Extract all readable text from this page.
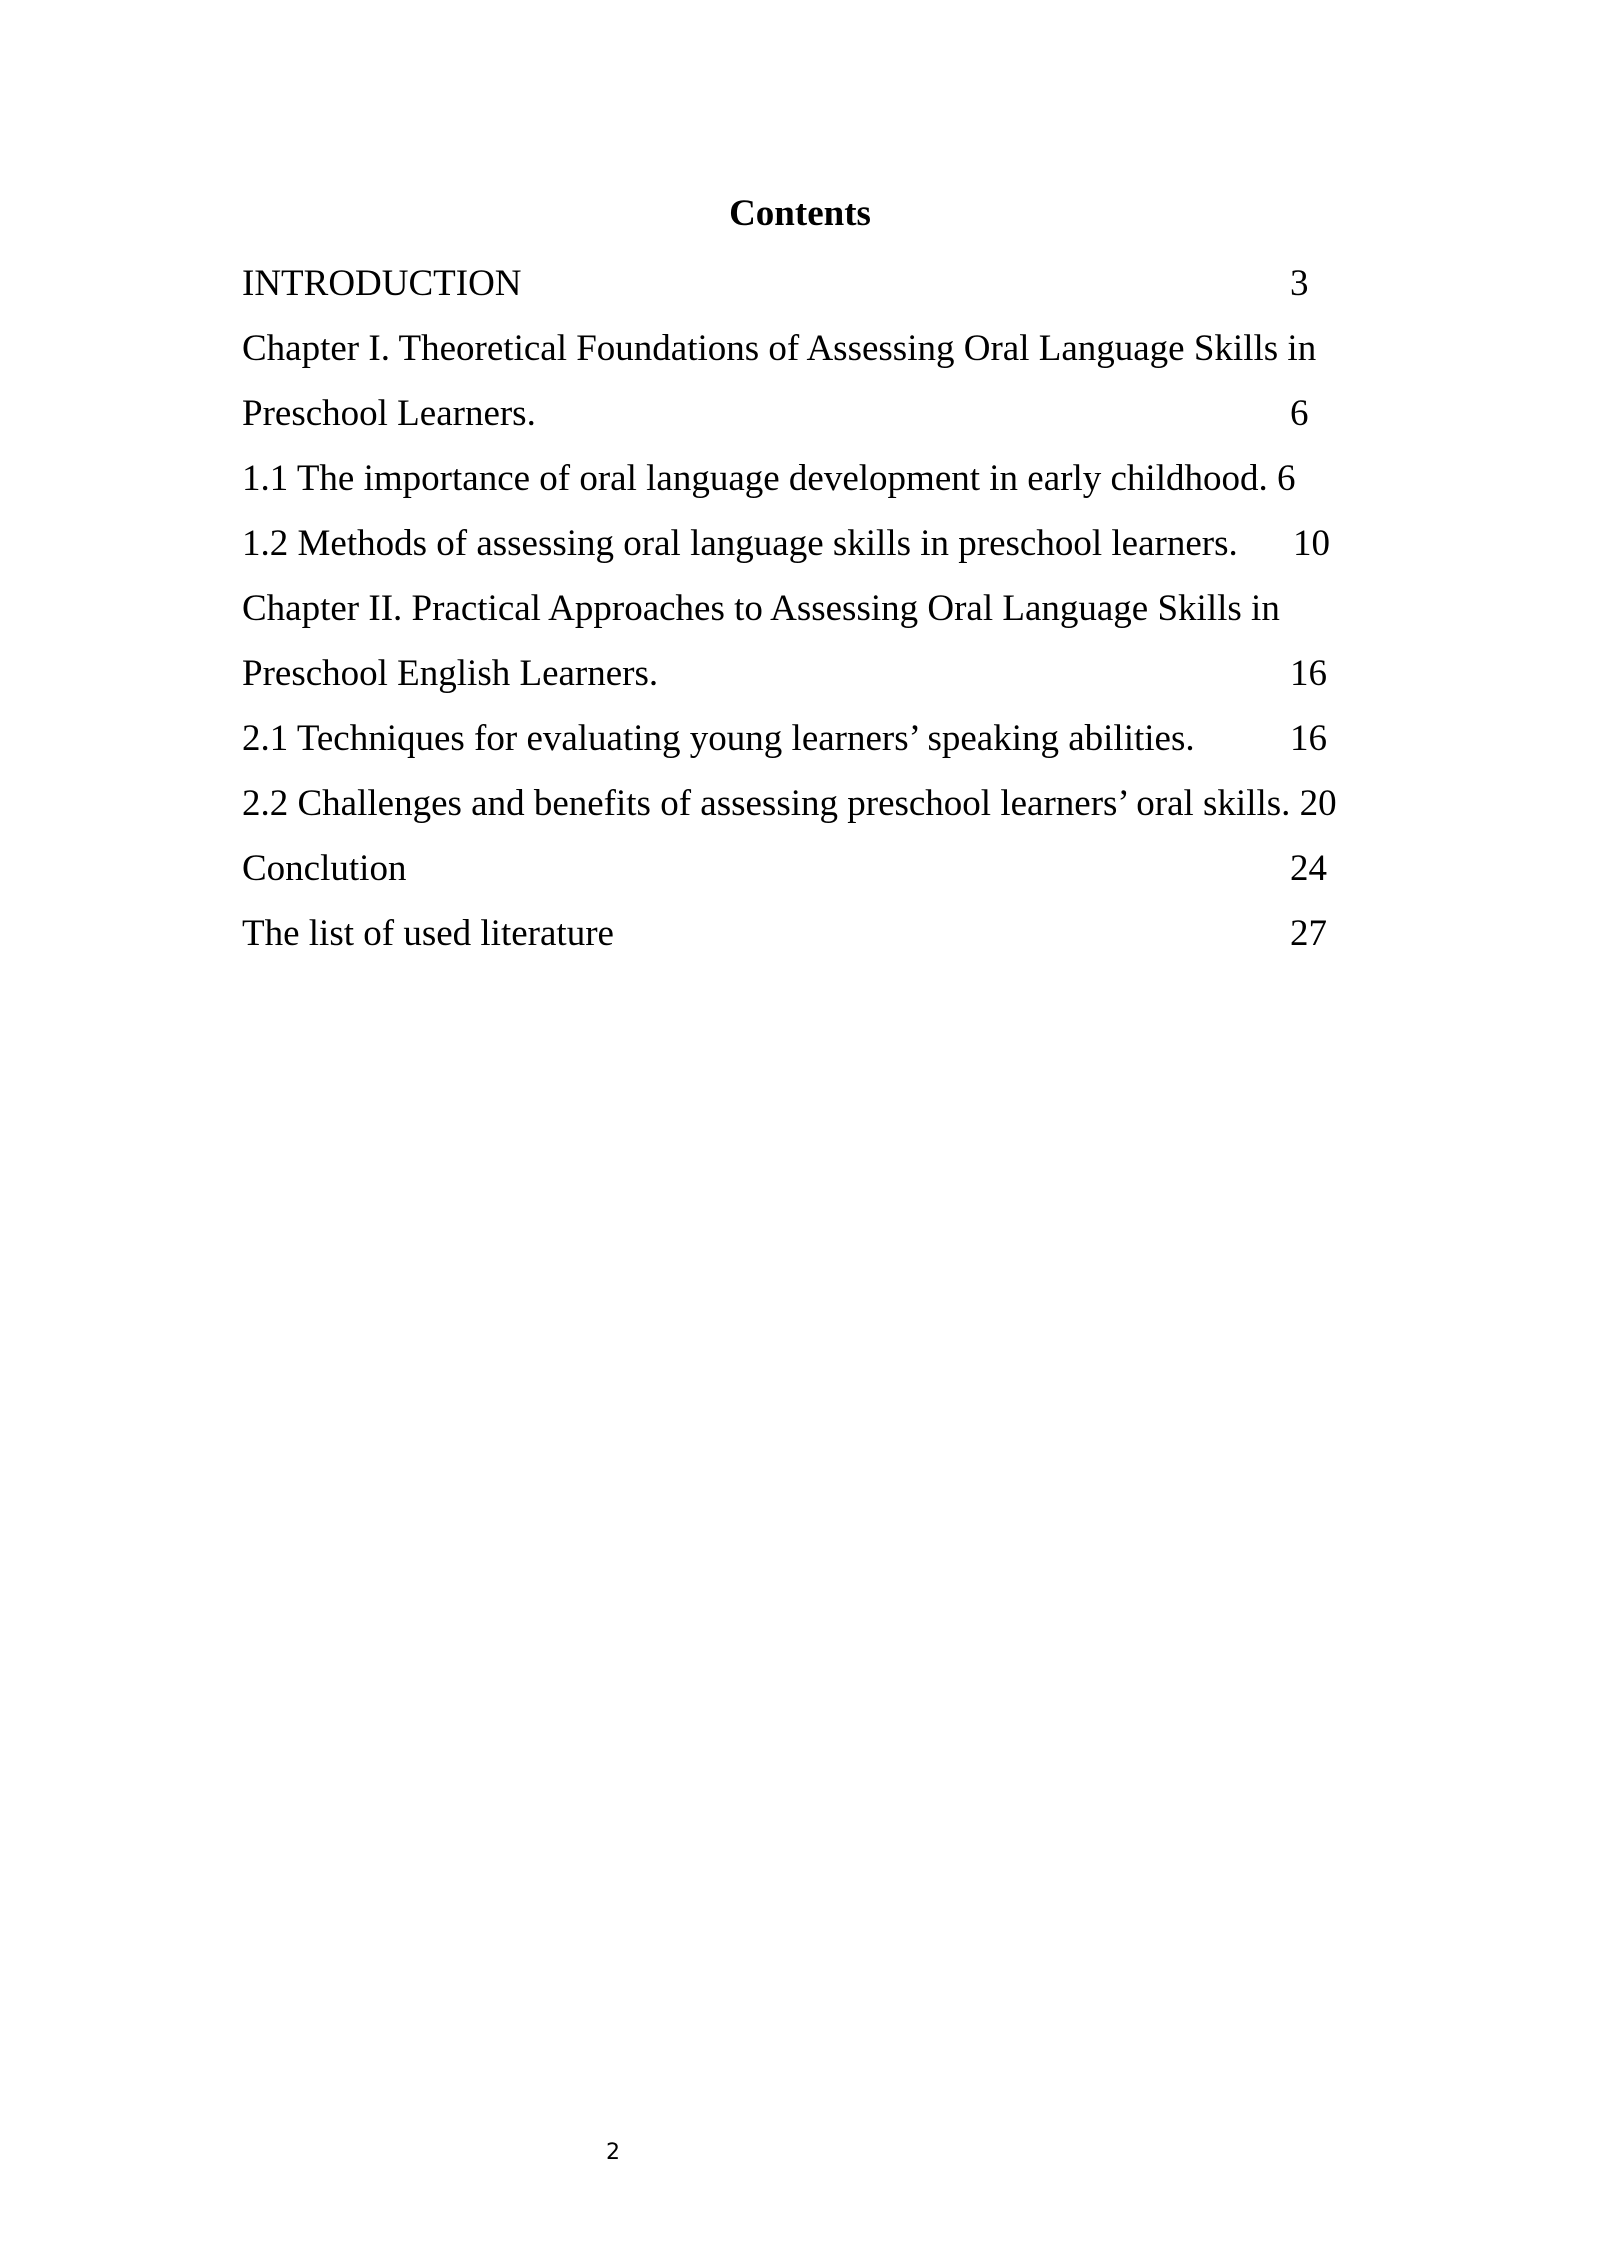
Contents
INTRODUCTION	3
Chapter I. Theoretical Foundations of Assessing Oral Language Skills in
Preschool Learners.	6
1.1 The importance of oral language development in early childhood. 6
1.2 Methods of assessing oral language skills in preschool learners. 10
Chapter II. Practical Approaches to Assessing Oral Language Skills in
Preschool English Learners.	16
2.1 Techniques for evaluating young learners’ speaking abilities.	16
2.2 Challenges and benefits of assessing preschool learners’ oral skills. 20
Conclution	24
The list of used literature	27
2
